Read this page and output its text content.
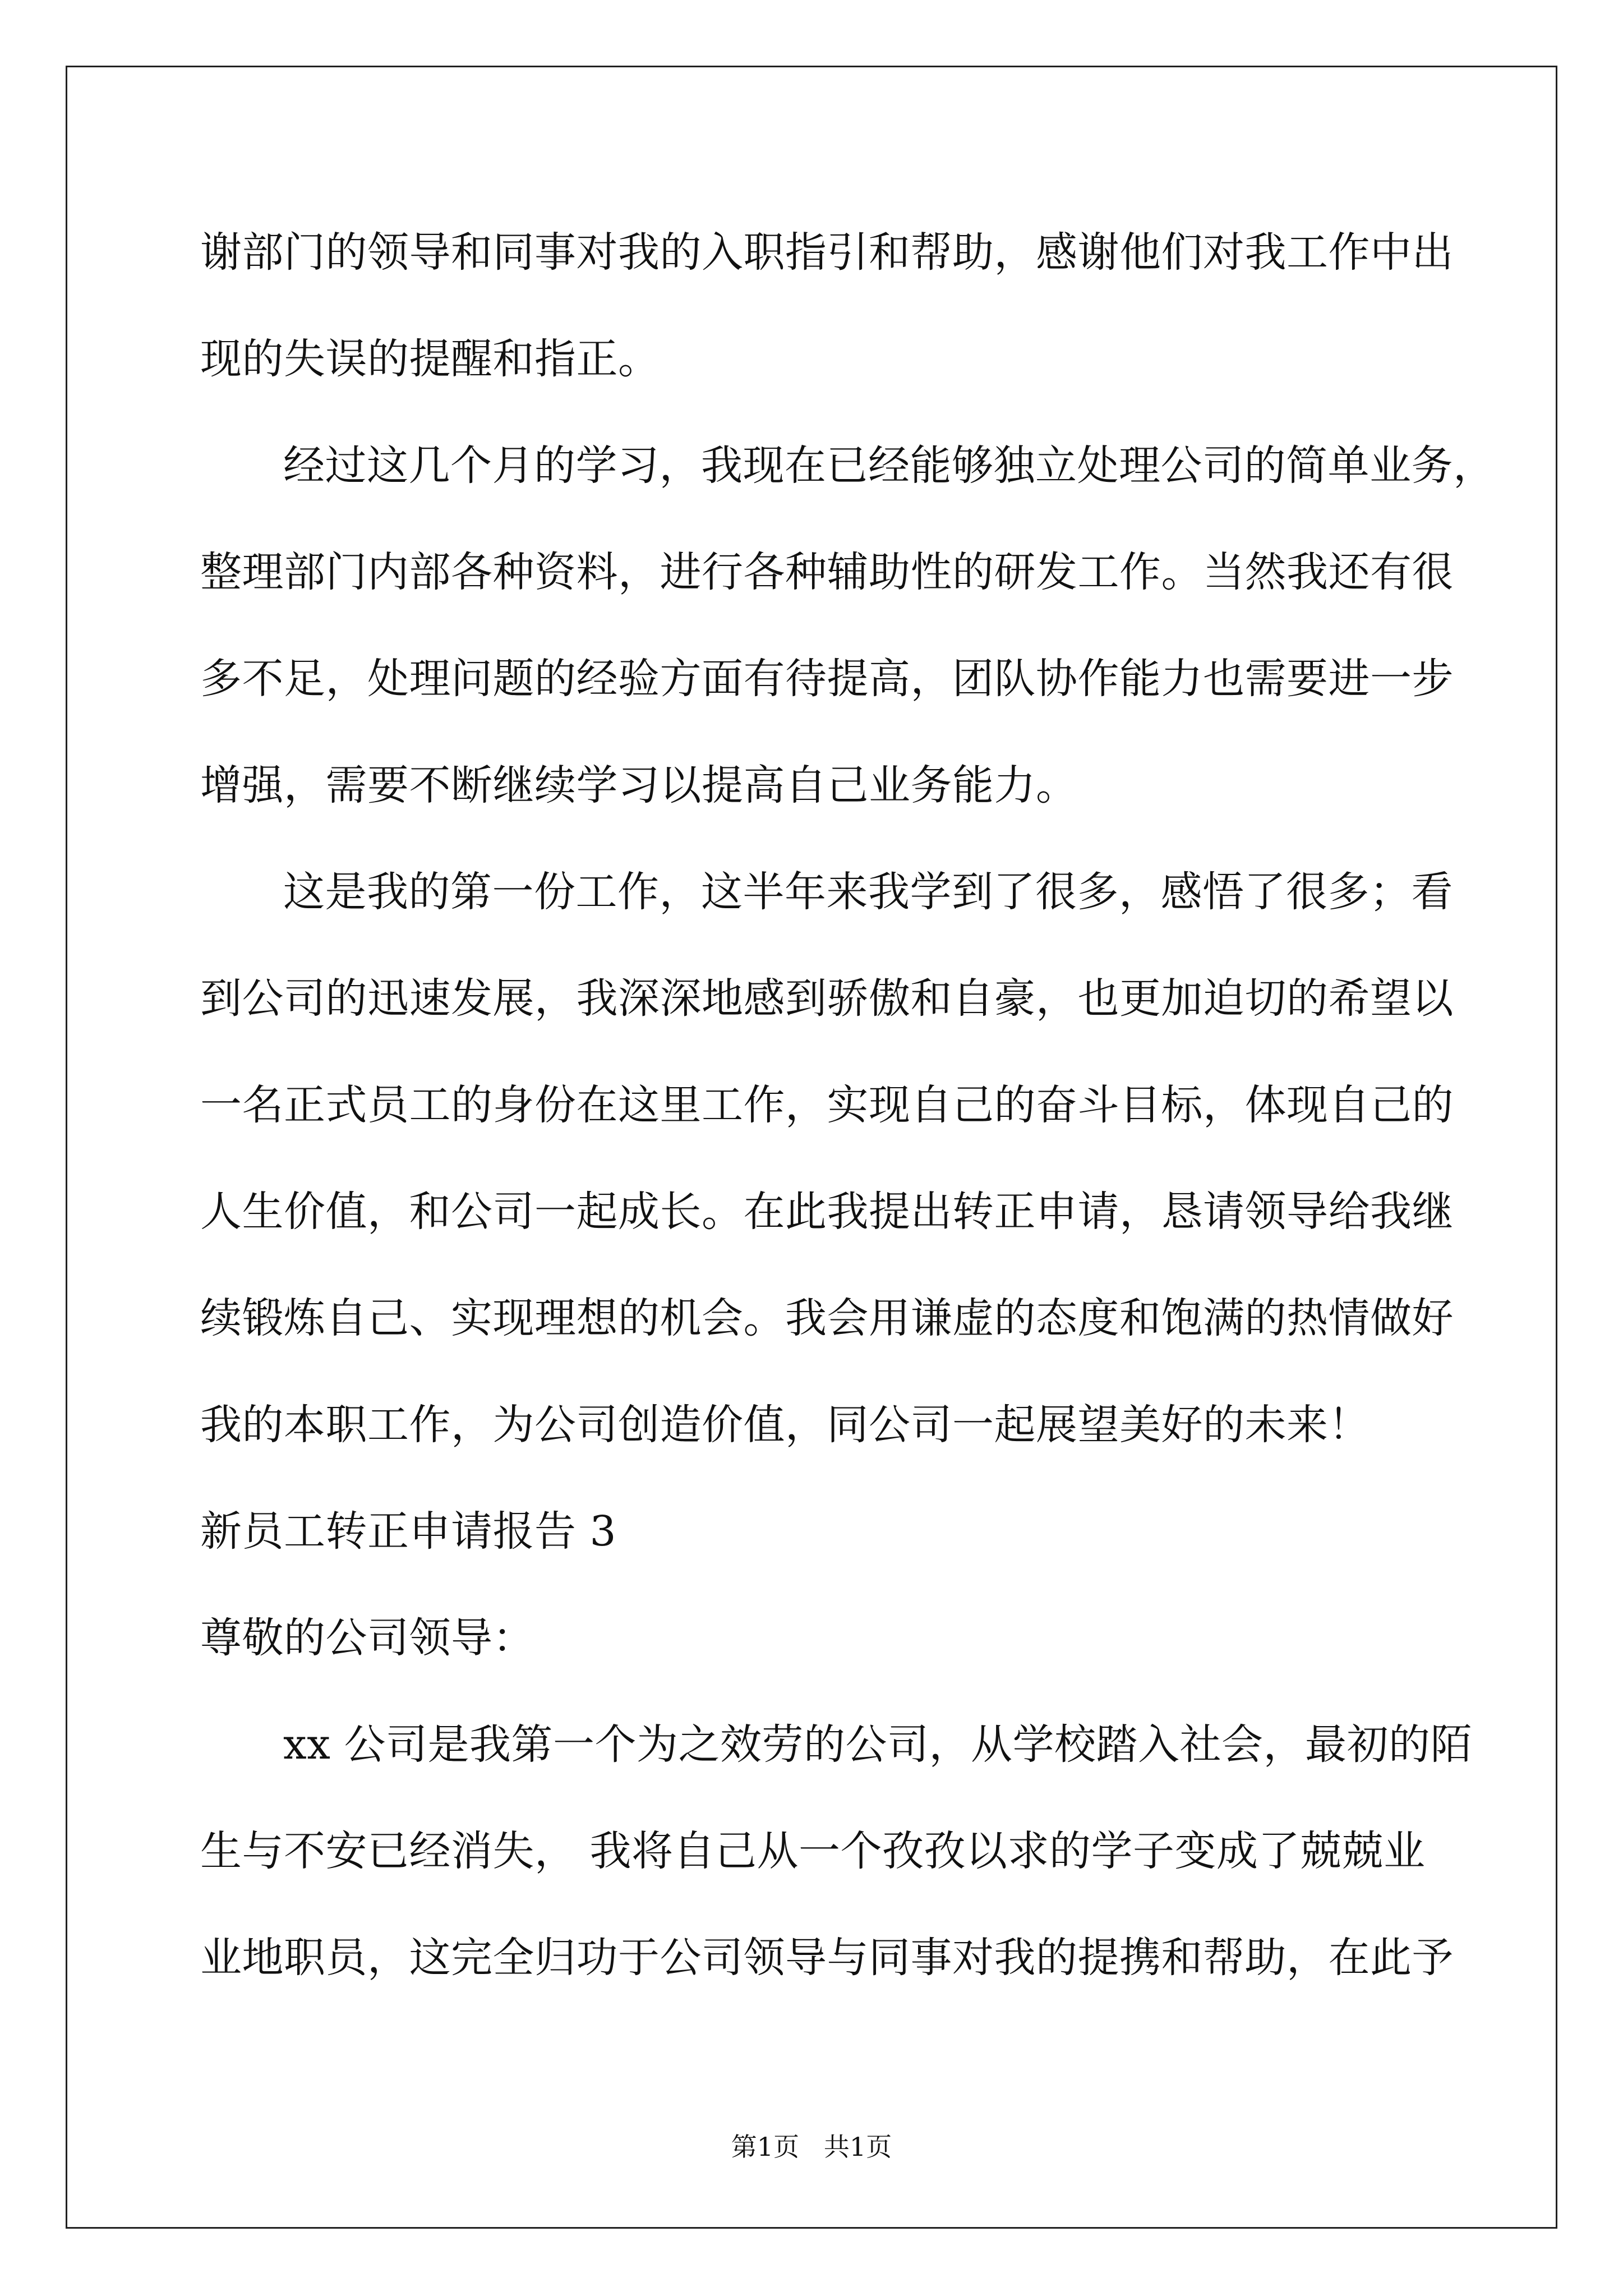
谢部门的领导和同事对我的入职指引和帮助，感谢他们对我工作中出
现的失误的提醒和指正。
经过这几个月的学习，我现在已经能够独立处理公司的简单业务，
整理部门内部各种资料，进行各种辅助性的研发工作。当然我还有很
多不足，处理问题的经验方面有待提高，团队协作能力也需要进一步
增强，需要不断继续学习以提高自己业务能力。
这是我的第一份工作，这半年来我学到了很多，感悟了很多；看
到公司的迅速发展，我深深地感到骄傲和自豪，也更加迫切的希望以
一名正式员工的身份在这里工作，实现自己的奋斗目标，体现自己的
人生价值，和公司一起成长。在此我提出转正申请，恳请领导给我继
续锻炼自己、实现理想的机会。我会用谦虚的态度和饱满的热情做好
我的本职工作，为公司创造价值，同公司一起展望美好的未来！
新员工转正申请报告 3
尊敬的公司领导：
xx 公司是我第一个为之效劳的公司，从学校踏入社会，最初的陌
生与不安已经消失， 我将自己从一个孜孜以求的学子变成了兢兢业
业地职员，这完全归功于公司领导与同事对我的提携和帮助，在此予
第1页   共1页
